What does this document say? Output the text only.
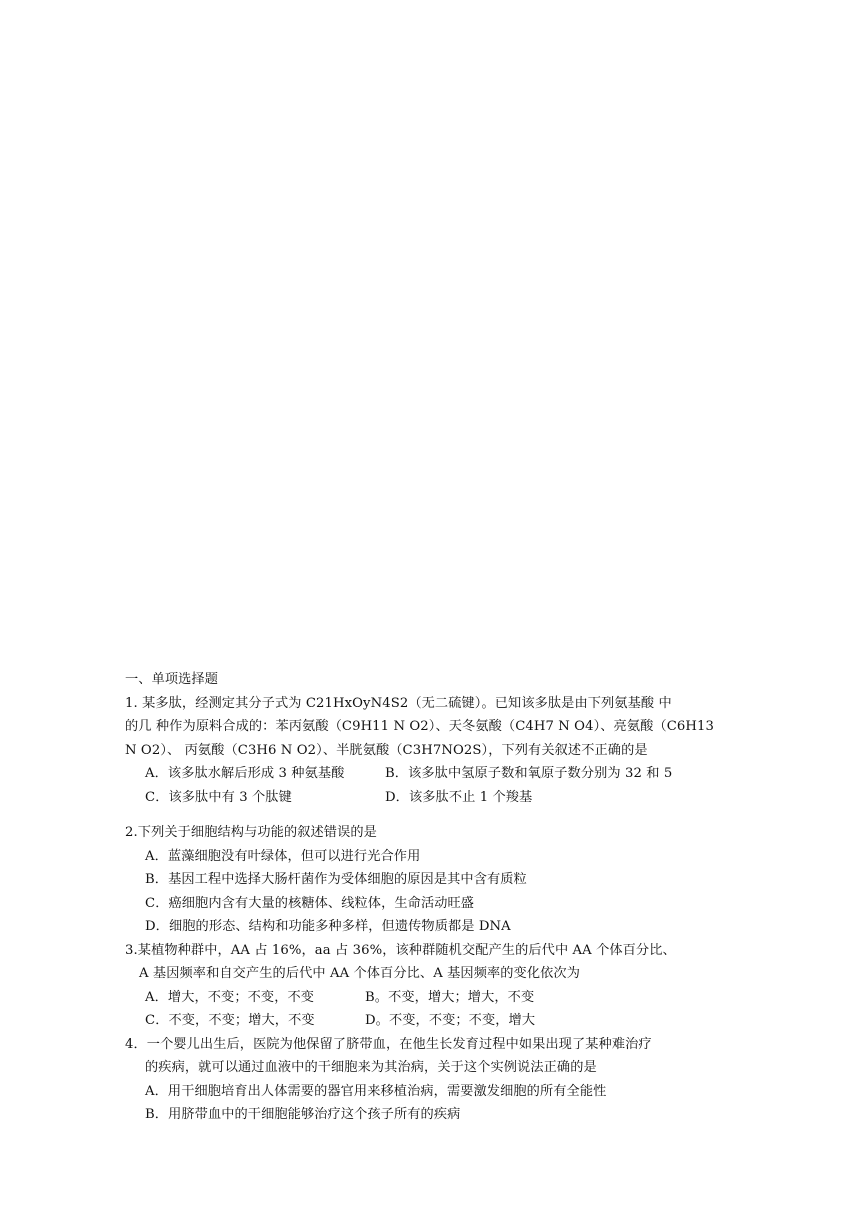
一、单项选择题
1. 某多肽，经测定其分子式为 C21HxOyN4S2（无二硫键）。已知该多肽是由下列氨基酸 中
的几 种作为原料合成的：苯丙氨酸（C9H11 N O2）、天冬氨酸（C4H7 N O4）、亮氨酸（C6H13
N O2）、 丙氨酸（C3H6 N O2）、半胱氨酸（C3H7NO2S），下列有关叙述不正确的是
A．该多肽水解后形成 3 种氨基酸	B．该多肽中氢原子数和氧原子数分别为 32 和 5
C．该多肽中有 3 个肽键	D．该多肽不止 1 个羧基
2.下列关于细胞结构与功能的叙述错误的是
A．蓝藻细胞没有叶绿体，但可以进行光合作用
B．基因工程中选择大肠杆菌作为受体细胞的原因是其中含有质粒
C．癌细胞内含有大量的核糖体、线粒体，生命活动旺盛
D．细胞的形态、结构和功能多种多样，但遗传物质都是 DNA
3.某植物种群中，AA 占 16%，aa 占 36%，该种群随机交配产生的后代中 AA 个体百分比、
A 基因频率和自交产生的后代中 AA 个体百分比、A 基因频率的变化依次为
A．增大，不变；不变，不变	B。不变，增大；增大，不变
C．不变，不变；增大，不变	D。不变，不变；不变，增大
4．一个婴儿出生后，医院为他保留了脐带血，在他生长发育过程中如果出现了某种难治疗
的疾病，就可以通过血液中的干细胞来为其治病，关于这个实例说法正确的是
A．用干细胞培育出人体需要的器官用来移植治病，需要激发细胞的所有全能性
B．用脐带血中的干细胞能够治疗这个孩子所有的疾病
